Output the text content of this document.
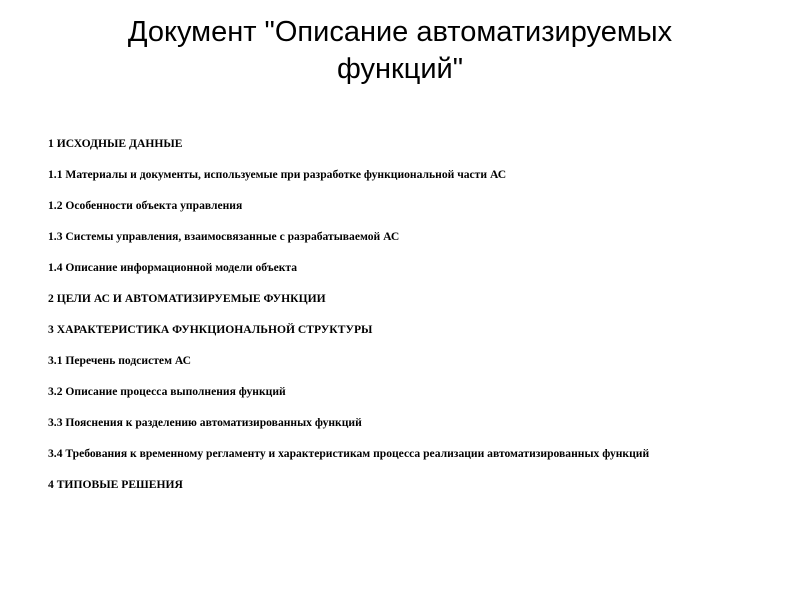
Документ "Описание автоматизируемых функций"
1 ИСХОДНЫЕ ДАННЫЕ
1.1 Материалы и документы, используемые при разработке функциональной части АС
1.2 Особенности объекта управления
1.3 Системы управления, взаимосвязанные с разрабатываемой АС
1.4 Описание информационной модели объекта
2 ЦЕЛИ АС И АВТОМАТИЗИРУЕМЫЕ ФУНКЦИИ
3 ХАРАКТЕРИСТИКА ФУНКЦИОНАЛЬНОЙ СТРУКТУРЫ
3.1 Перечень подсистем АС
3.2 Описание процесса выполнения функций
3.3 Пояснения к разделению автоматизированных функций
3.4 Требования к временному регламенту и характеристикам процесса реализации автоматизированных функций
4 ТИПОВЫЕ РЕШЕНИЯ
